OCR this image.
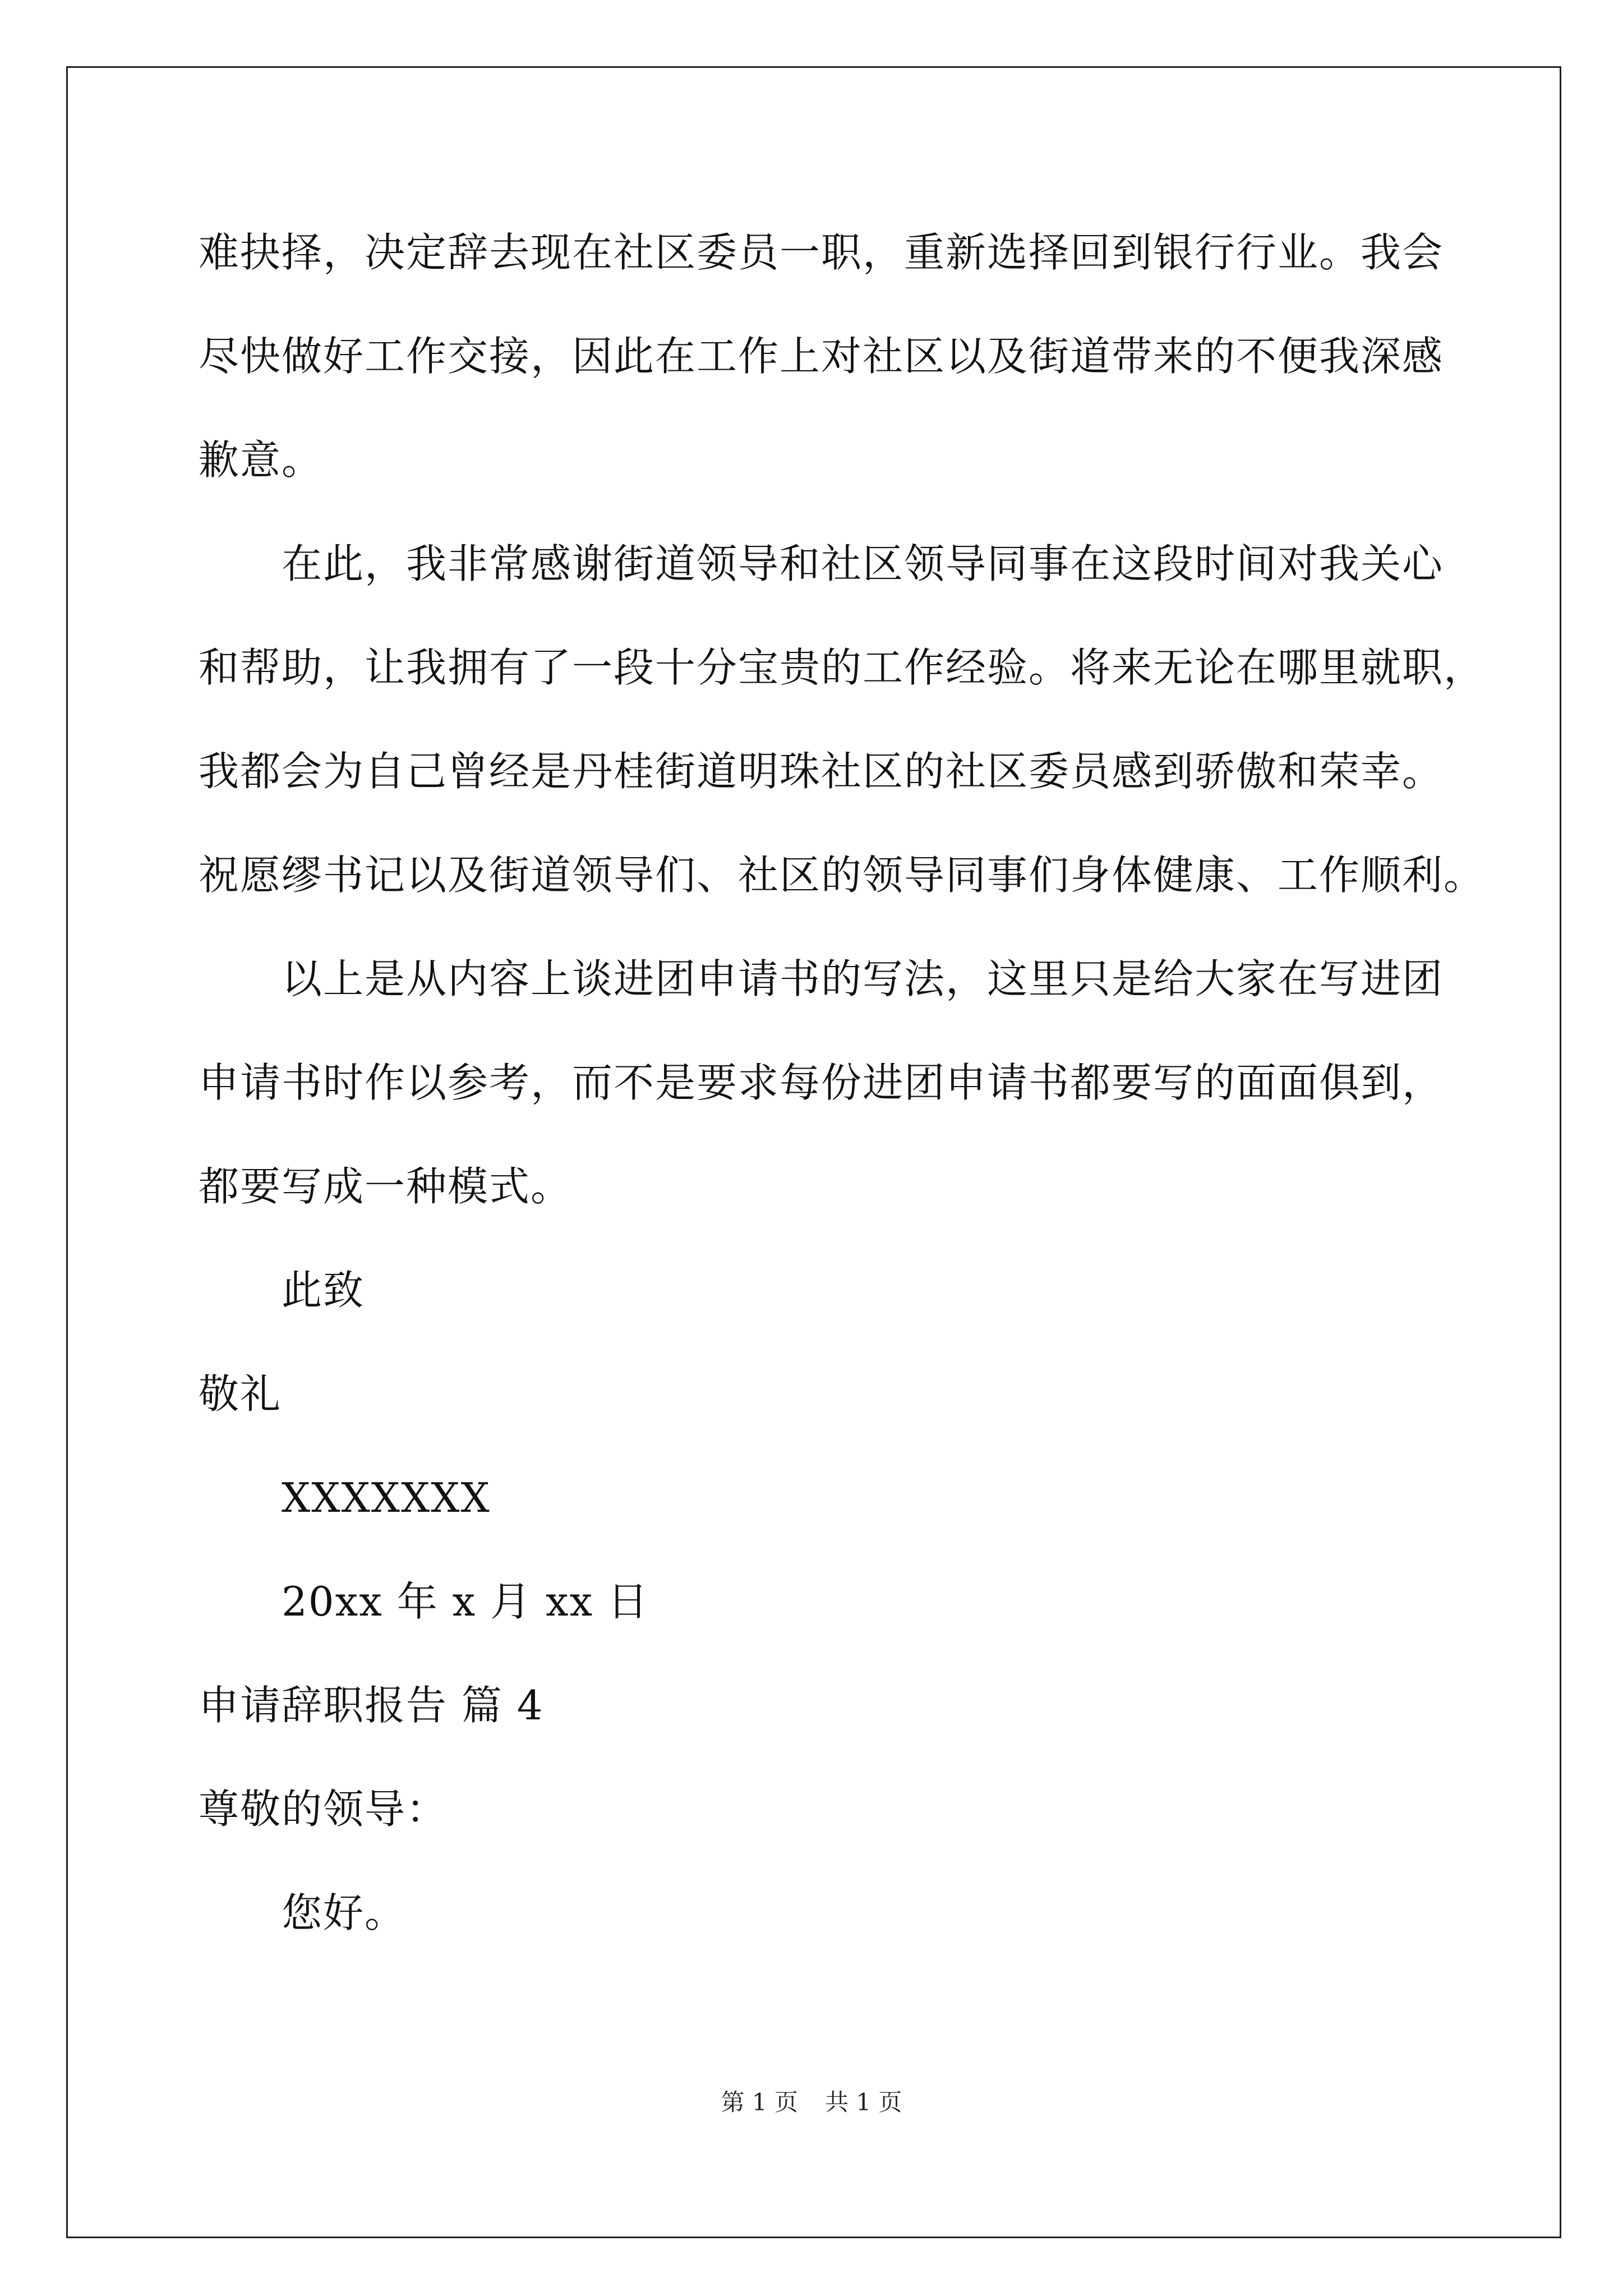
难抉择，决定辞去现在社区委员一职，重新选择回到银行行业。我会
尽快做好工作交接，因此在工作上对社区以及街道带来的不便我深感
歉意。
在此，我非常感谢街道领导和社区领导同事在这段时间对我关心
和帮助，让我拥有了一段十分宝贵的工作经验。将来无论在哪里就职，
我都会为自己曾经是丹桂街道明珠社区的社区委员感到骄傲和荣幸。
祝愿缪书记以及街道领导们、社区的领导同事们身体健康、工作顺利。
以上是从内容上谈进团申请书的写法，这里只是给大家在写进团
申请书时作以参考，而不是要求每份进团申请书都要写的面面俱到，
都要写成一种模式。
此致
敬礼
XXXXXXX
20xx 年 x 月 xx 日
申请辞职报告 篇 4
尊敬的领导：
您好。
第 1 页 共 1 页
